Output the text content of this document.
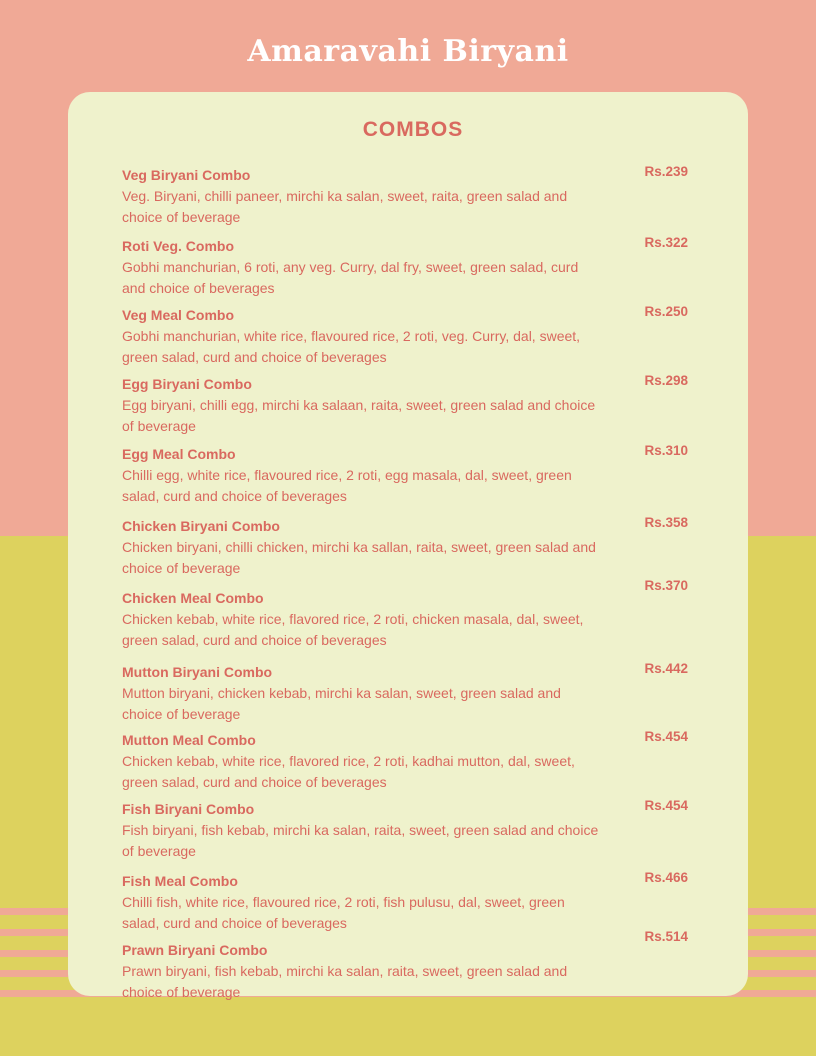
Amaravahi Biryani
COMBOS
Veg Biryani Combo
Veg. Biryani, chilli paneer, mirchi ka salan, sweet, raita, green salad and choice of beverage
Rs.239
Roti Veg. Combo
Gobhi manchurian, 6 roti, any veg. Curry, dal fry, sweet, green salad, curd and choice of beverages
Rs.322
Veg Meal Combo
Gobhi manchurian, white rice, flavoured rice, 2 roti, veg. Curry, dal, sweet, green salad, curd and choice of beverages
Rs.250
Egg Biryani Combo
Egg biryani, chilli egg, mirchi ka salaan, raita, sweet, green salad and choice of beverage
Rs.298
Egg Meal Combo
Chilli egg, white rice, flavoured rice, 2 roti, egg masala, dal, sweet, green salad, curd and choice of beverages
Rs.310
Chicken Biryani Combo
Chicken biryani, chilli chicken, mirchi ka sallan, raita, sweet, green salad and choice of beverage
Rs.358
Chicken Meal Combo
Chicken kebab, white rice, flavored rice, 2 roti, chicken masala, dal, sweet, green salad, curd and choice of beverages
Rs.370
Mutton Biryani Combo
Mutton biryani, chicken kebab, mirchi ka salan, sweet, green salad and choice of beverage
Rs.442
Mutton Meal Combo
Chicken kebab, white rice, flavored rice, 2 roti, kadhai mutton, dal, sweet, green salad, curd and choice of beverages
Rs.454
Fish Biryani Combo
Fish biryani, fish kebab, mirchi ka salan, raita, sweet, green salad and choice of beverage
Rs.454
Fish Meal Combo
Chilli fish, white rice, flavoured rice, 2 roti, fish pulusu, dal, sweet, green salad, curd and choice of beverages
Rs.466
Prawn Biryani Combo
Prawn biryani, fish kebab, mirchi ka salan, raita, sweet, green salad and choice of beverage
Rs.514
